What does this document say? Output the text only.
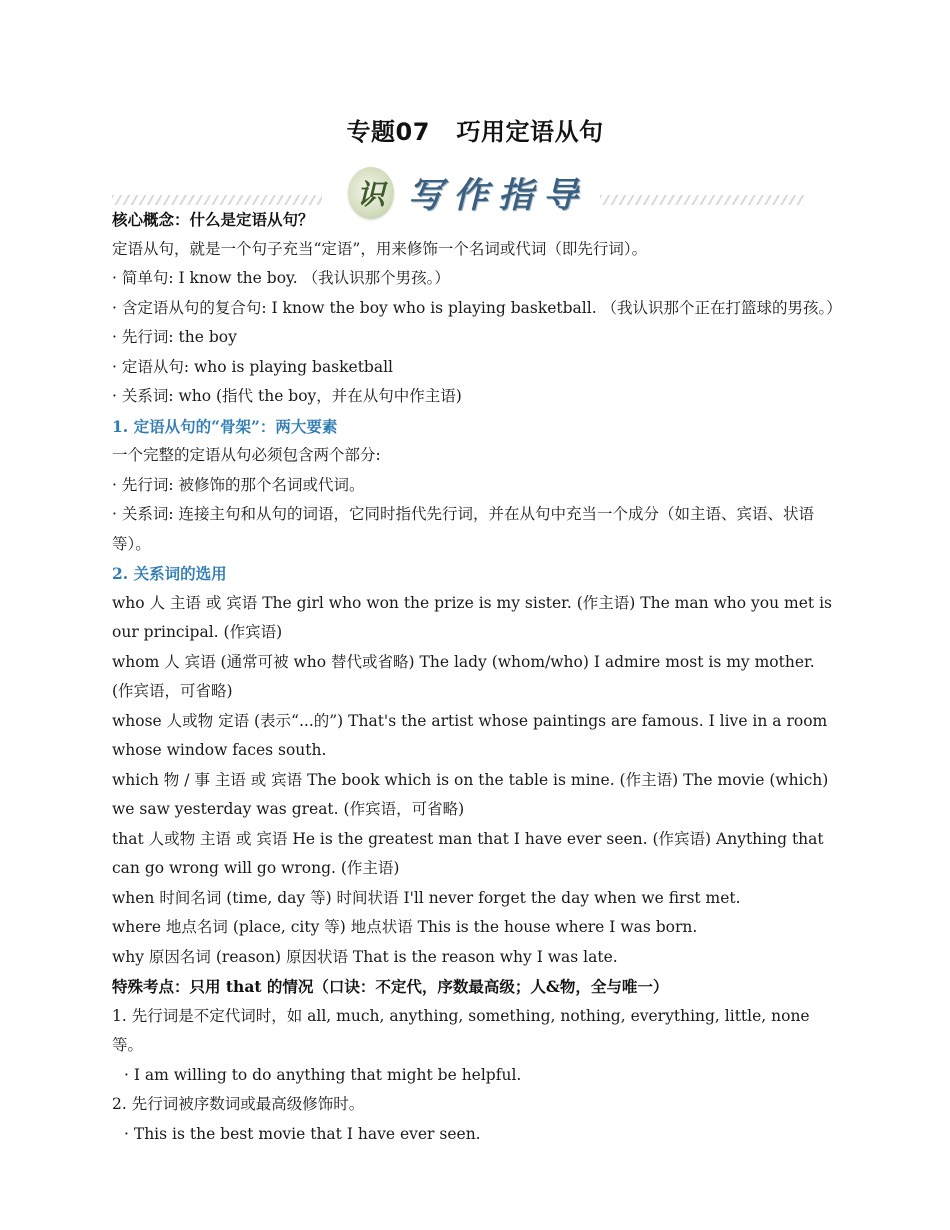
专题07   巧用定语从句
识 写作指导

核心概念：什么是定语从句？

定语从句，就是一个句子充当“定语”，用来修饰一个名词或代词（即先行词）。

· 简单句: I know the boy. （我认识那个男孩。）

· 含定语从句的复合句: I know the boy who is playing basketball. （我认识那个正在打篮球的男孩。）

· 先行词: the boy

· 定语从句: who is playing basketball

· 关系词: who (指代 the boy，并在从句中作主语)

1. 定语从句的“骨架”：两大要素

一个完整的定语从句必须包含两个部分:

· 先行词: 被修饰的那个名词或代词。

· 关系词: 连接主句和从句的词语，它同时指代先行词，并在从句中充当一个成分（如主语、宾语、状语等）。

2. 关系词的选用

who 人 主语 或 宾语 The girl who won the prize is my sister. (作主语) The man who you met is our principal. (作宾语)

whom 人 宾语 (通常可被 who 替代或省略) The lady (whom/who) I admire most is my mother. (作宾语，可省略)

whose 人或物 定语 (表示“...的”) That's the artist whose paintings are famous. I live in a room whose window faces south.

which 物 / 事 主语 或 宾语 The book which is on the table is mine. (作主语) The movie (which) we saw yesterday was great. (作宾语，可省略)

that 人或物 主语 或 宾语 He is the greatest man that I have ever seen. (作宾语) Anything that can go wrong will go wrong. (作主语)

when 时间名词 (time, day 等) 时间状语 I'll never forget the day when we first met.

where 地点名词 (place, city 等) 地点状语 This is the house where I was born.

why 原因名词 (reason) 原因状语 That is the reason why I was late.

特殊考点：只用 that 的情况（口诀：不定代，序数最高级；人&物，全与唯一）

1. 先行词是不定代词时，如 all, much, anything, something, nothing, everything, little, none 等。

· I am willing to do anything that might be helpful.

2. 先行词被序数词或最高级修饰时。

· This is the best movie that I have ever seen.
